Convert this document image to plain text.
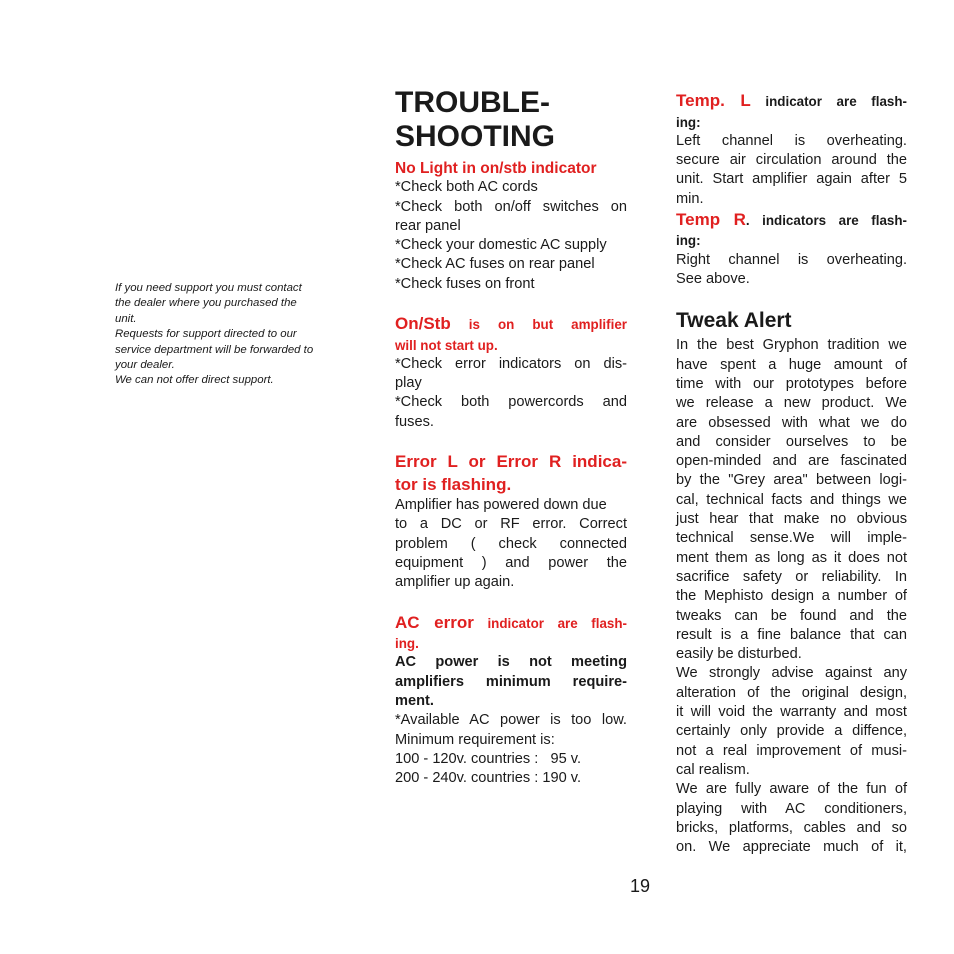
If you need support you must contact
the dealer where you purchased the
unit.
Requests for support directed to our
service department will be forwarded to
your dealer.
We can not offer direct support.
TROUBLE-
SHOOTING
No Light in on/stb indicator
*Check both AC cords
*Check both on/off switches on
rear panel
*Check your domestic AC supply
*Check AC fuses on rear panel
*Check fuses on front
On/Stb is on but amplifier
will not start up.
*Check error indicators on dis-
play
*Check both powercords and
fuses.
Error L or Error R indica-
tor is flashing.
Amplifier has powered down due
to a DC or RF error. Correct
problem ( check connected
equipment ) and power the
amplifier up again.
AC error indicator are flash-
ing.
AC power is not meeting
amplifiers minimum require-
ment.
*Available AC power is too low.
Minimum requirement is:
100 - 120v. countries :   95 v.
200 - 240v. countries : 190 v.
Temp. L indicator are flash-
ing:
Left channel is overheating.
secure air circulation around the
unit. Start amplifier again after 5
min.
Temp R. indicators are flash-
ing:
Right channel is overheating.
See above.
Tweak Alert
In the best Gryphon tradition we
have spent a huge amount of
time with our prototypes before
we release a new product. We
are obsessed with what we do
and consider ourselves to be
open-minded and are fascinated
by the "Grey area" between logi-
cal, technical facts and things we
just hear that make no obvious
technical sense.We will imple-
ment them as long as it does not
sacrifice safety or reliability. In
the Mephisto design a number of
tweaks can be found and the
result is a fine balance that can
easily be disturbed.
We strongly advise against any
alteration of the original design,
it will void the warranty and most
certainly only provide a diffence,
not a real improvement of musi-
cal realism.
We are fully aware of the fun of
playing with AC conditioners,
bricks, platforms, cables and so
on. We appreciate much of it,
19
